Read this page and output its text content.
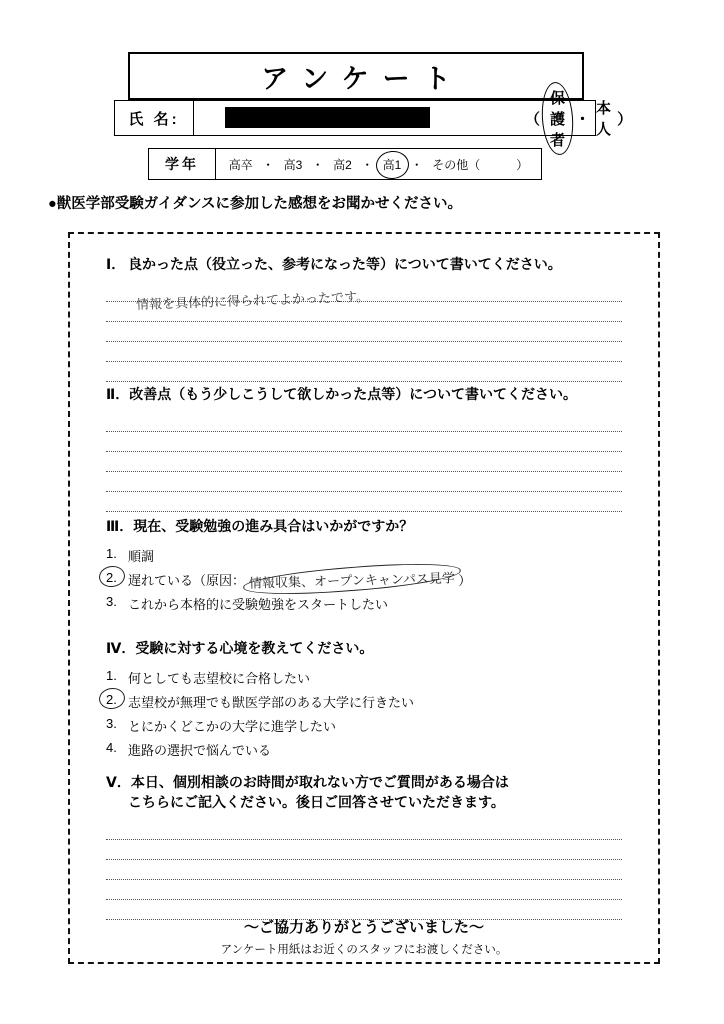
アンケート
氏 名:	（
保護者
・
本人
）
学年	高卒 ・ 高3 ・ 高2 ・ 高1 ・ その他（　　　）
●獣医学部受験ガイダンスに参加した感想をお聞かせください。
Ⅰ． 良かった点（役立った、参考になった等）について書いてください。
情報を具体的に得られてよかったです。
Ⅱ．改善点（もう少しこうして欲しかった点等）について書いてください。
Ⅲ．現在、受験勉強の進み具合はいかがですか？
1. 順調
2. 遅れている（原因： 情報収集、オープンキャンパス見学 ）
3. これから本格的に受験勉強をスタートしたい
Ⅳ．受験に対する心境を教えてください。
1. 何としても志望校に合格したい
2. 志望校が無理でも獣医学部のある大学に行きたい
3. とにかくどこかの大学に進学したい
4. 進路の選択で悩んでいる
Ⅴ．本日、個別相談のお時間が取れない方でご質問がある場合は
こちらにご記入ください。後日ご回答させていただきます。
～ご協力ありがとうございました～
アンケート用紙はお近くのスタッフにお渡しください。
